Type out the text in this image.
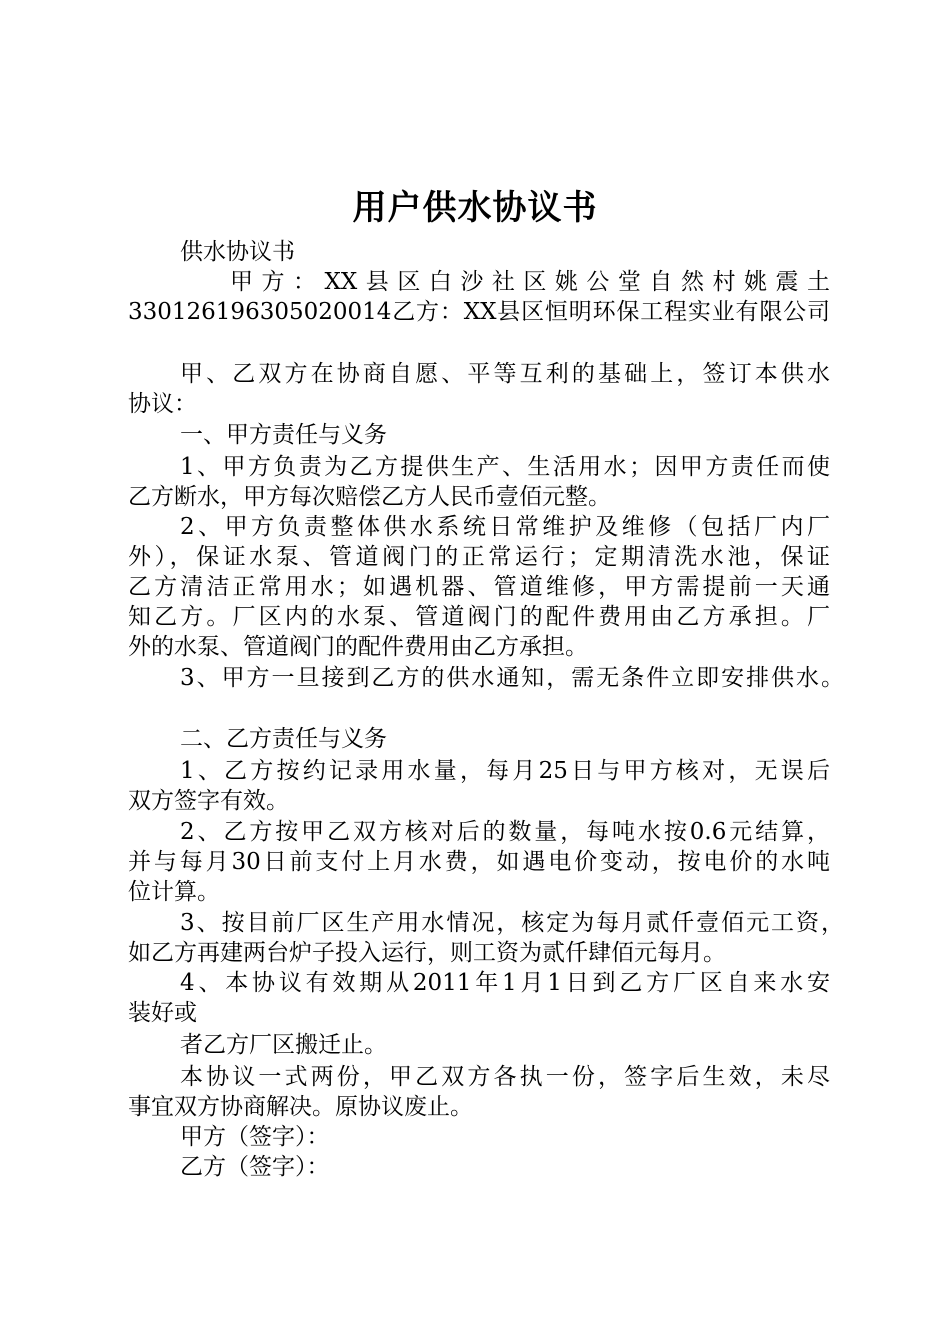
用户供水协议书
供水协议书
甲方：XX县区白沙社区姚公堂自然村姚震土
330126196305020014乙方：XX县区恒明环保工程实业有限公司
甲、乙双方在协商自愿、平等互利的基础上，签订本供水
协议：
一、甲方责任与义务
1、甲方负责为乙方提供生产、生活用水；因甲方责任而使
乙方断水，甲方每次赔偿乙方人民币壹佰元整。
2、甲方负责整体供水系统日常维护及维修（包括厂内厂
外），保证水泵、管道阀门的正常运行；定期清洗水池，保证
乙方清洁正常用水；如遇机器、管道维修，甲方需提前一天通
知乙方。厂区内的水泵、管道阀门的配件费用由乙方承担。厂
外的水泵、管道阀门的配件费用由乙方承担。
3、甲方一旦接到乙方的供水通知，需无条件立即安排供水。
二、乙方责任与义务
1、乙方按约记录用水量，每月25日与甲方核对，无误后
双方签字有效。
2、乙方按甲乙双方核对后的数量，每吨水按0.6元结算，
并与每月30日前支付上月水费，如遇电价变动，按电价的水吨
位计算。
3、按目前厂区生产用水情况，核定为每月贰仟壹佰元工资，
如乙方再建两台炉子投入运行，则工资为贰仟肆佰元每月。
4、本协议有效期从2011年1月1日到乙方厂区自来水安
装好或
者乙方厂区搬迁止。
本协议一式两份，甲乙双方各执一份，签字后生效，未尽
事宜双方协商解决。原协议废止。
甲方（签字）：
乙方（签字）：
